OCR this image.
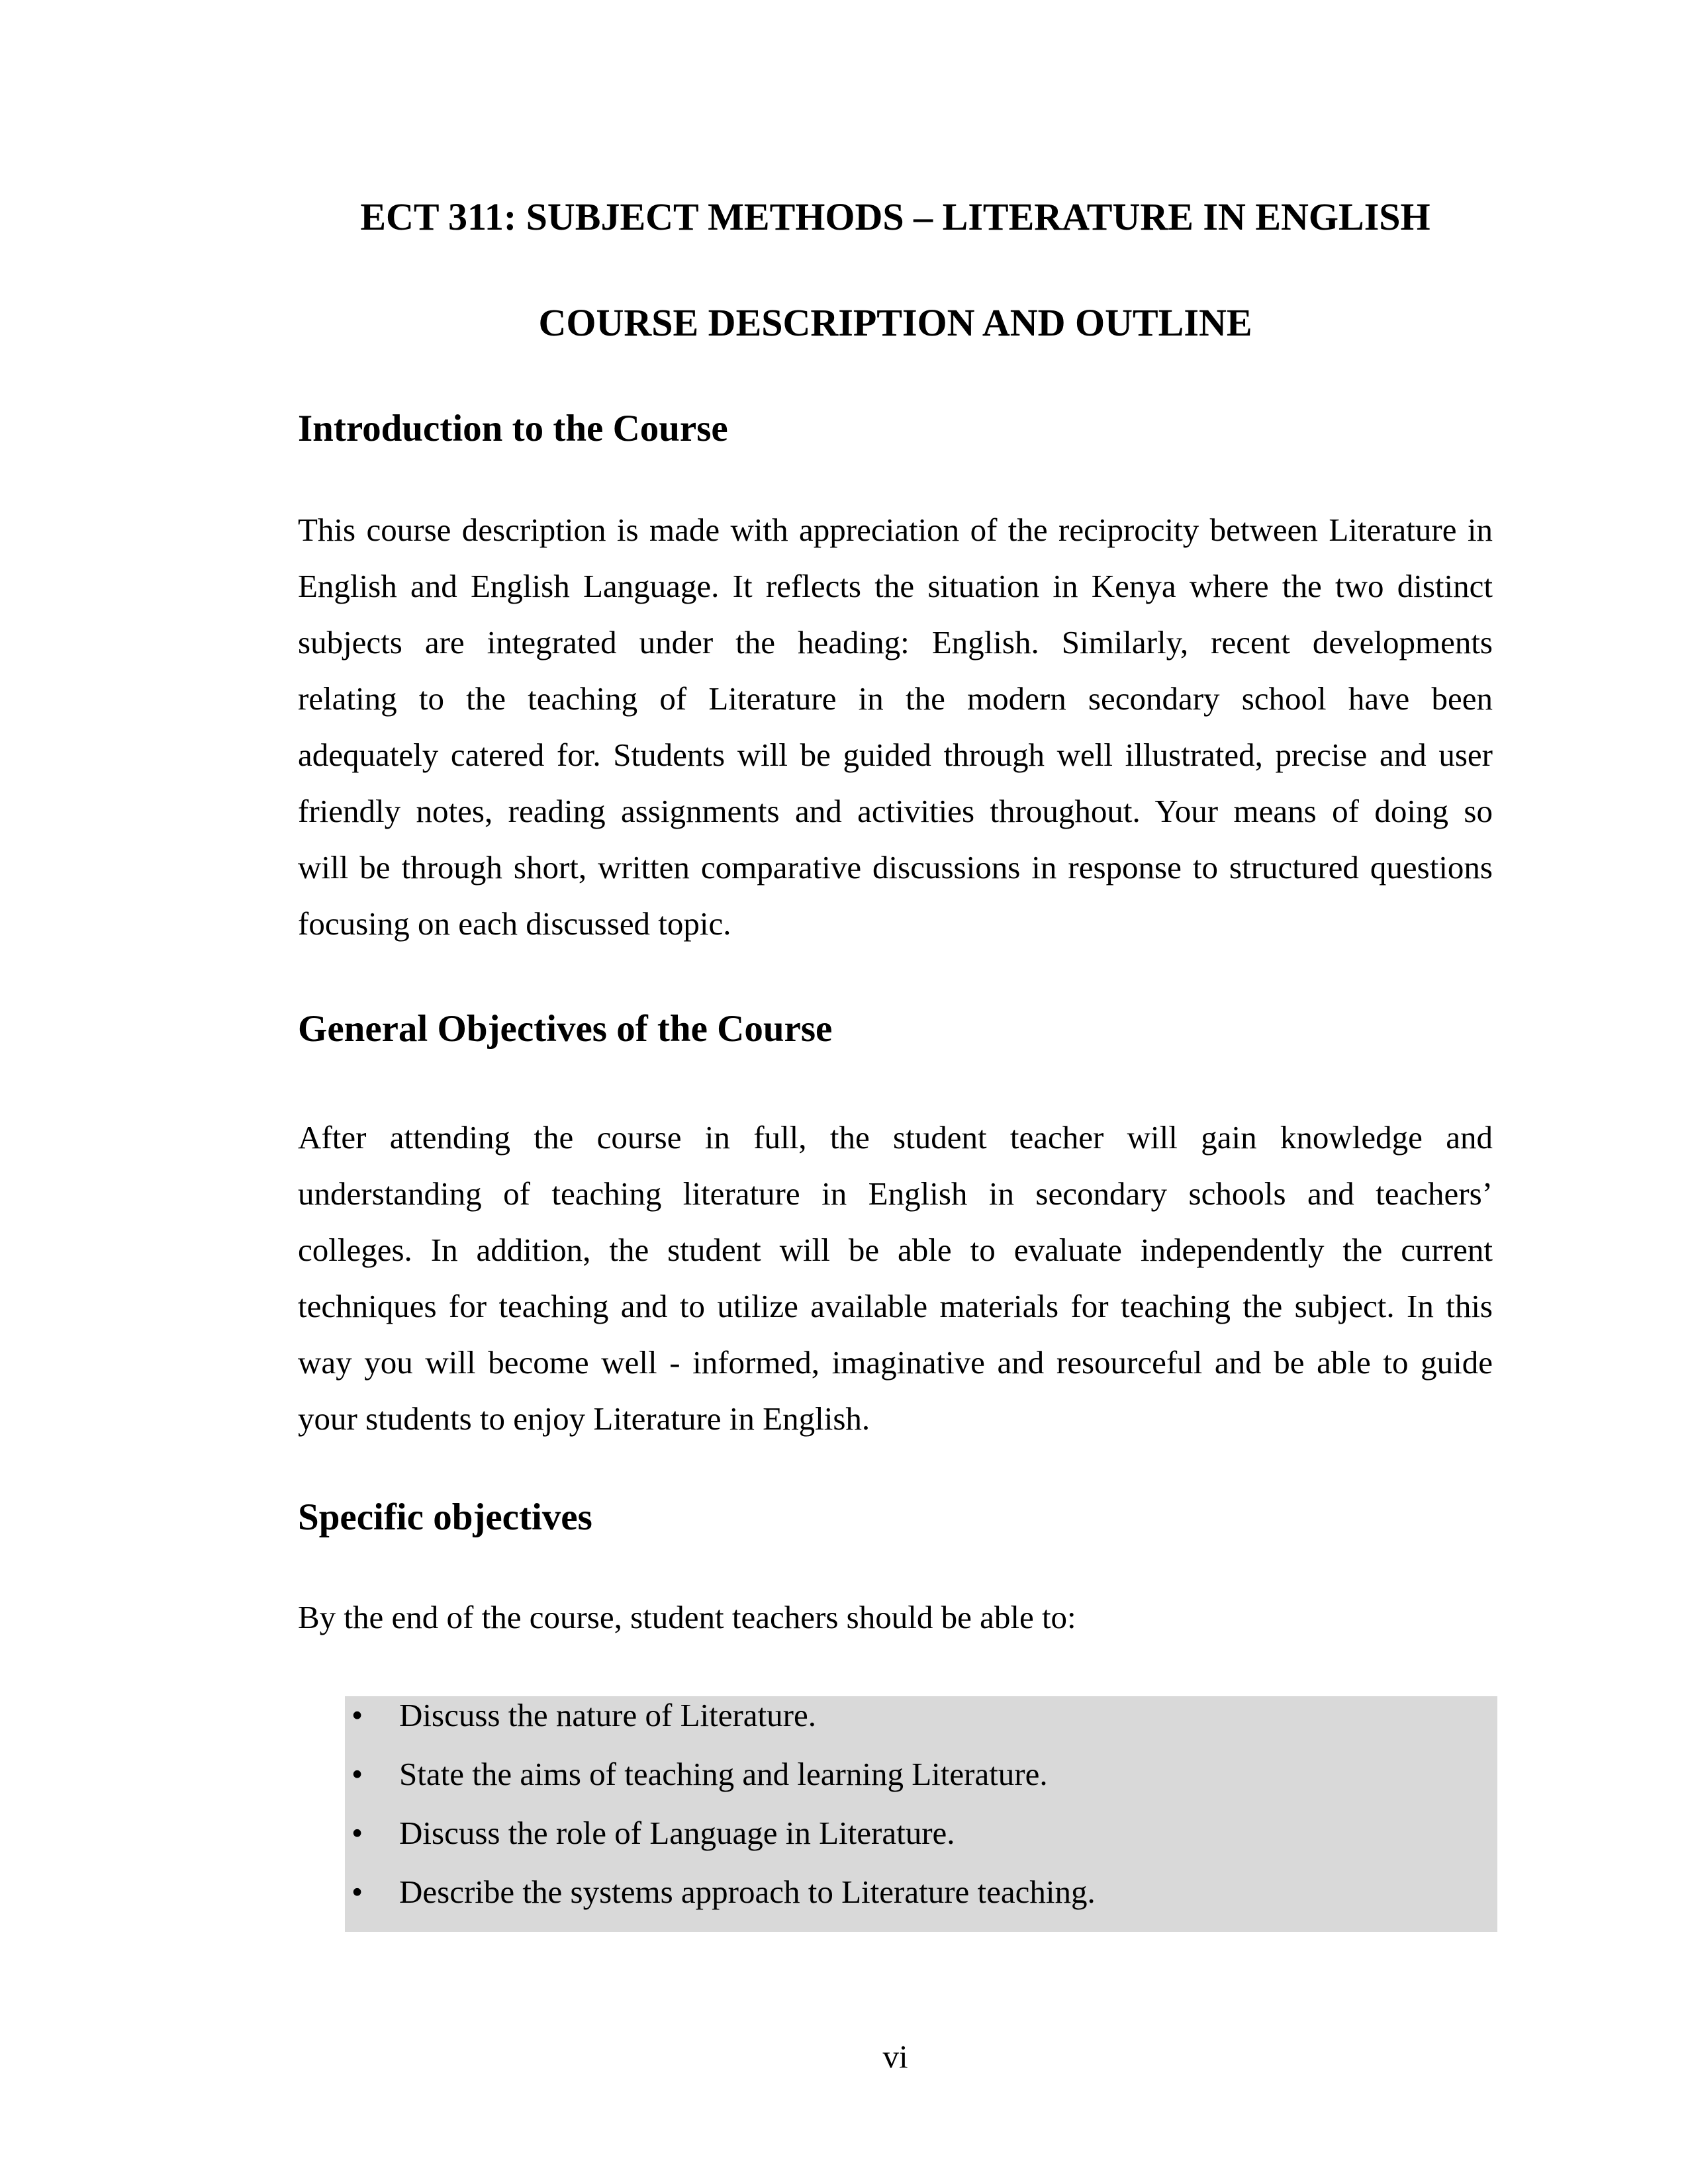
ECT 311: SUBJECT METHODS – LITERATURE IN ENGLISH
COURSE DESCRIPTION AND OUTLINE
Introduction to the Course
This course description is made with appreciation of the reciprocity between Literature in
English and English Language. It reflects the situation in Kenya where the two distinct
subjects are integrated under the heading: English. Similarly, recent developments
relating to the teaching of Literature in the modern secondary school have been
adequately catered for. Students will be guided through well illustrated, precise and user
friendly notes, reading assignments and activities throughout. Your means of doing so
will be through short, written comparative discussions in response to structured questions
focusing on each discussed topic.
General Objectives of the Course
After attending the course in full, the student teacher will gain knowledge and
understanding of teaching literature in English in secondary schools and teachers’
colleges. In addition, the student will be able to evaluate independently the current
techniques for teaching and to utilize available materials for teaching the subject. In this
way you will become well - informed, imaginative and resourceful and be able to guide
your students to enjoy Literature in English.
Specific objectives
By the end of the course, student teachers should be able to:
• Discuss the nature of Literature.
• State the aims of teaching and learning Literature.
• Discuss the role of Language in Literature.
• Describe the systems approach to Literature teaching.
vi
